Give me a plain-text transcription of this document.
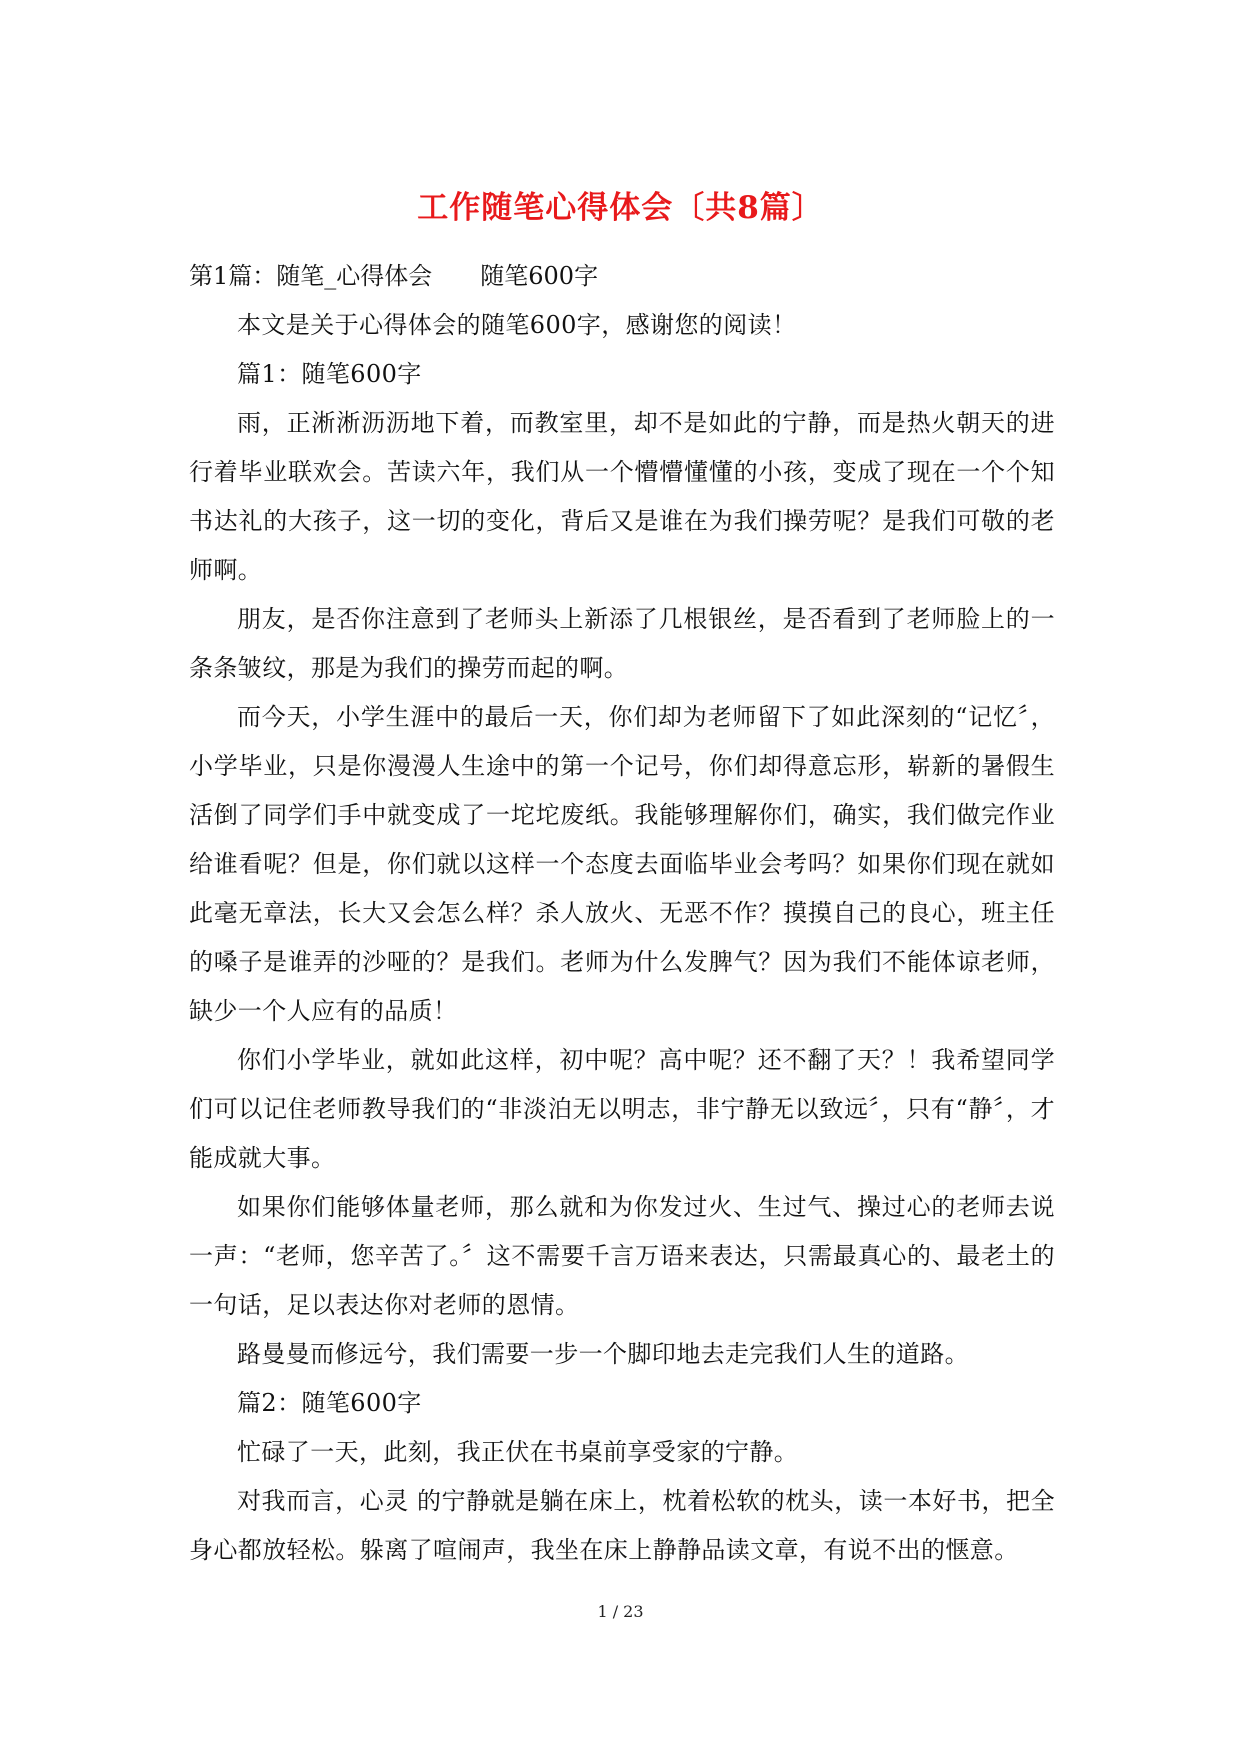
工作随笔心得体会〔共8篇〕

第1篇：随笔_心得体会　　随笔600字

本文是关于心得体会的随笔600字，感谢您的阅读！

篇1：随笔600字

雨，正淅淅沥沥地下着，而教室里，却不是如此的宁静，而是热火朝天的进行着毕业联欢会。苦读六年，我们从一个懵懵懂懂的小孩，变成了现在一个个知书达礼的大孩子，这一切的变化，背后又是谁在为我们操劳呢？是我们可敬的老师啊。

朋友，是否你注意到了老师头上新添了几根银丝，是否看到了老师脸上的一条条皱纹，那是为我们的操劳而起的啊。

而今天，小学生涯中的最后一天，你们却为老师留下了如此深刻的“记忆〞，小学毕业，只是你漫漫人生途中的第一个记号，你们却得意忘形，崭新的暑假生活倒了同学们手中就变成了一坨坨废纸。我能够理解你们，确实，我们做完作业给谁看呢？但是，你们就以这样一个态度去面临毕业会考吗？如果你们现在就如此毫无章法，长大又会怎么样？杀人放火、无恶不作？摸摸自己的良心，班主任的嗓子是谁弄的沙哑的？是我们。老师为什么发脾气？因为我们不能体谅老师，缺少一个人应有的品质！

你们小学毕业，就如此这样，初中呢？高中呢？还不翻了天？！我希望同学们可以记住老师教导我们的“非淡泊无以明志，非宁静无以致远〞，只有“静〞，才能成就大事。

如果你们能够体量老师，那么就和为你发过火、生过气、操过心的老师去说一声：“老师，您辛苦了。〞这不需要千言万语来表达，只需最真心的、最老土的一句话，足以表达你对老师的恩情。

路曼曼而修远兮，我们需要一步一个脚印地去走完我们人生的道路。

篇2：随笔600字

忙碌了一天，此刻，我正伏在书桌前享受家的宁静。

对我而言，心灵 的宁静就是躺在床上，枕着松软的枕头，读一本好书，把全身心都放轻松。躲离了喧闹声，我坐在床上静静品读文章，有说不出的惬意。

1 / 23
